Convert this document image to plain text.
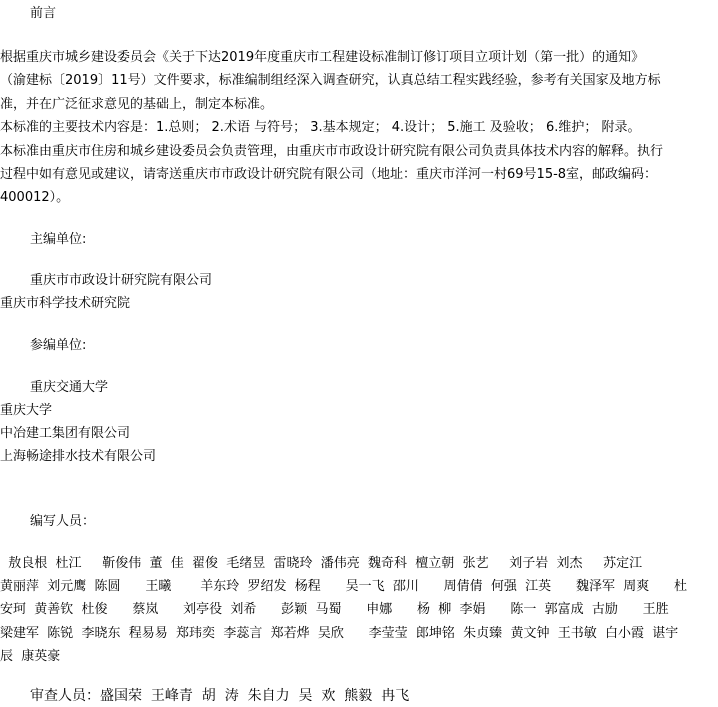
前言
根据重庆市城乡建设委员会《关于下达2019年度重庆市工程建设标准制订修订项目立项计划（第一批）的通知》
（渝建标〔2019〕11号）文件要求，标准编制组经深入调查研究，认真总结工程实践经验，参考有关国家及地方标
准，并在广泛征求意见的基础上，制定本标准。
本标准的主要技术内容是：1.总则； 2.术语 与符号； 3.基本规定； 4.设计； 5.施工 及验收； 6.维护； 附录。
本标准由重庆市住房和城乡建设委员会负责管理，由重庆市市政设计研究院有限公司负责具体技术内容的解释。执行
过程中如有意见或建议，请寄送重庆市市政设计研究院有限公司（地址：重庆市洋河一村69号15-8室，邮政编码：
400012）。
主编单位:
重庆市市政设计研究院有限公司
重庆市科学技术研究院
参编单位:
重庆交通大学
重庆大学
中冶建工集团有限公司
上海畅途排水技术有限公司
编写人员：
敖良根  杜江     靳俊伟  董  佳  翟俊  毛绪昱  雷晓玲  潘伟亮  魏奇科  檀立朝  张艺     刘子岩  刘杰     苏定江
黄丽萍  刘元鹰  陈圆      王曦       羊东玲  罗绍发  杨程      吴一飞  邵川      周倩倩  何强  江英      魏泽军  周爽      杜
安珂  黄善钦  杜俊      蔡岚      刘亭役  刘希      彭颖  马蜀      申娜      杨  柳  李娟      陈一  郭富成  古励      王胜
梁建军  陈锐  李晓东  程易易  郑玮奕  李蕊言  郑若烨  吴欣      李莹莹  郎坤铭  朱贞臻  黄文钟  王书敏  白小霞  谌宇
辰  康英豪
审查人员：盛国荣  王峰青  胡  涛  朱自力  吴  欢  熊毅  冉飞
